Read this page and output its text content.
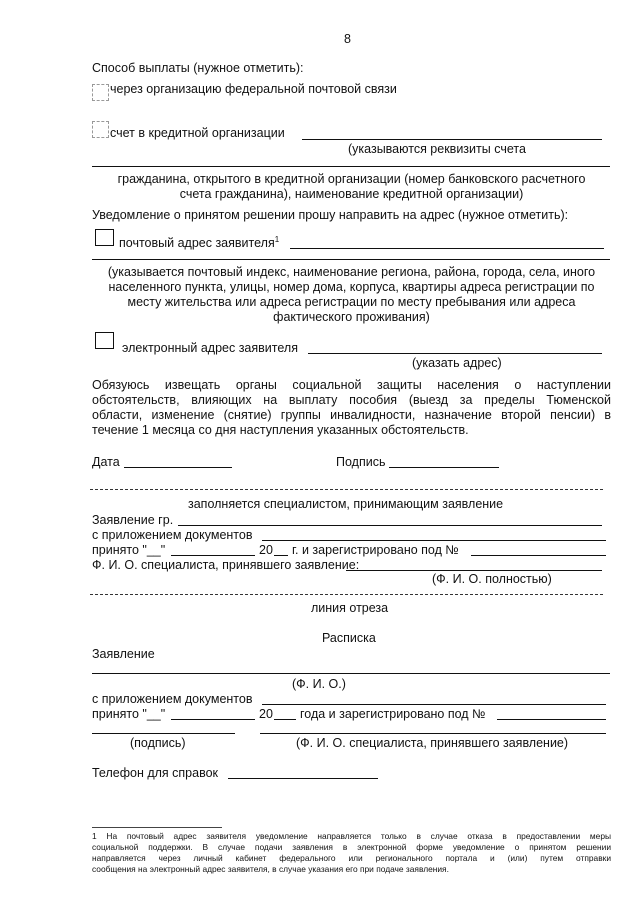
8
Способ выплаты (нужное отметить):
через организацию федеральной почтовой связи
счет в кредитной организации
(указываются реквизиты счета
гражданина, открытого в кредитной организации (номер банковского расчетного
счета гражданина), наименование кредитной организации)
Уведомление о принятом решении прошу направить на адрес (нужное отметить):
почтовый адрес заявителя$^1$
(указывается почтовый индекс, наименование региона, района, города, села, иного
населенного пункта, улицы, номер дома, корпуса, квартиры адреса регистрации по
месту жительства или адреса регистрации по месту пребывания или адреса
фактического проживания)
электронный адрес заявителя
(указать адрес)
Обязуюсь извещать органы социальной защиты населения о наступлении
обстоятельств, влияющих на выплату пособия (выезд за пределы Тюменской
области, изменение (снятие) группы инвалидности, назначение второй пенсии) в
течение 1 месяца со дня наступления указанных обстоятельств.
Дата	Подпись
заполняется специалистом, принимающим заявление
Заявление гр.
с приложением документов
принято "__"	20 г. и зарегистрировано под №
Ф. И. О. специалиста, принявшего заявление:
(Ф. И. О. полностью)
линия отреза
Расписка
Заявление
(Ф. И. О.)
с приложением документов
принято "__"	20 года и зарегистрировано под №
(подпись)	(Ф. И. О. специалиста, принявшего заявление)
Телефон для справок
1 На почтовый адрес заявителя уведомление направляется только в случае отказа в предоставлении меры
социальной поддержки. В случае подачи заявления в электронной форме уведомление о принятом решении
направляется через личный кабинет федерального или регионального портала и (или) путем отправки
сообщения на электронный адрес заявителя, в случае указания его при подаче заявления.
